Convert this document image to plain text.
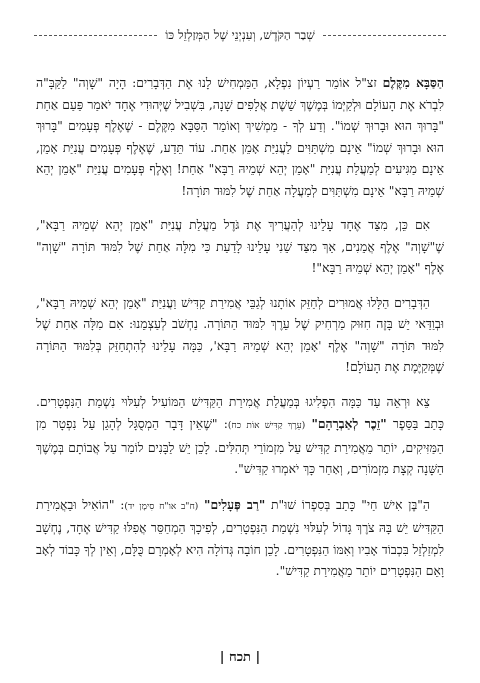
שְׁבַר הַקֹּדֶשׁ, וְעִנְיְנֵי שֶׁל הַמְּזַלְזֵל כּוֹ

הַסַּבָּא מִקֶּלֶם זצ"ל אוֹמֵר רַעְיוֹן נִפְלָא, הַמַּמְחִישׁ לָנוּ אֶת הַדְּבָרִים: הָיָה "שָׁוְה" לַקַּבָּ"ה לִבְרֹא אֶת הָעוֹלָם וּלְקַיְּמוֹ בְּמֶשֶׁךְ שֵׁשֶׁת אֲלָפִים שָׁנָה, בִּשְׁבִיל שֶׁיְּהוּדִי אֶחָד יֹאמַר פַּעַם אַחַת "בָּרוּךְ הוּא וּבָרוּךְ שְׁמוֹ". וְדַע לְךָ - מַמְשִׁיךְ וְאוֹמֵר הַסַּבָּא מִקֶּלֶם - שֶׁאֶלֶף פְּעָמִים "בָּרוּךְ הוּא וּבָרוּךְ שְׁמוֹ" אֵינָם מִשְׁתַּוִּים לַעֲנִיַּת אָמֵן אַחַת. עוֹד תֵּדַע, שֶׁאֶלֶף פְּעָמִים עֲנִיַּת אָמֵן, אֵינָם מַגִּיעִים לְמַעֲלַת עֲנִיַּת "אָמֵן יְהֵא שְׁמֵיהּ רַבָּא" אַחַת! וְאֶלֶף פְּעָמִים עֲנִיַּת "אָמֵן יְהֵא שְׁמֵיהּ רַבָּא" אֵינָם מִשְׁתַּוִּים לְמַעֲלָה אַחַת שֶׁל לִמּוּד תּוֹרָה!

אִם כֵּן, מִצַּד אֶחָד עָלֵינוּ לְהַעֲרִיךְ אֶת גֹּדֶל מַעֲלַת עֲנִיַּת "אָמֵן יְהֵא שְׁמֵיהּ רַבָּא", שֶׁ"שָׁוְה" אֶלֶף אֲמֵנִים, אַךְ מִצַּד שֵׁנִי עָלֵינוּ לָדַעַת כִּי מִלָּה אַחַת שֶׁל לִמּוּד תּוֹרָה "שָׁוְה" אֶלֶף "אָמֵן יְהֵא שְׁמֵיהּ רַבָּא"!

הַדְּבָרִים הַלָּלוּ אֲמוּרִים לְחַזֵּק אוֹתָנוּ לְגַבֵּי אֲמִירַת קַדִּישׁ וַעֲנִיַּת "אָמֵן יְהֵא שְׁמֵיהּ רַבָּא", וּבְוַדַּאי יֵשׁ בָּזֶה חִזּוּק מַרְחִיק שֶׁל עֵרֶךְ לִמּוּד הַתּוֹרָה. נַחְשֹׁב לְעַצְמֵנוּ: אִם מִלָּה אַחַת שֶׁל לִמּוּד תּוֹרָה "שָׁוְה" אֶלֶף 'אָמֵן יְהֵא שְׁמֵיהּ רַבָּא', כַּמָּה עָלֵינוּ לְהִתְחַזֵּק בְּלִמּוּד הַתּוֹרָה שֶׁמְּקַיֶּמֶת אֶת הָעוֹלָם!

צֵא וּרְאֵה עַד כַּמָּה הִפְלִיגוּ בְּמַעֲלַת אֲמִירַת הַקַּדִּישׁ הַמּוֹעִיל לְעִלּוּי נִשְׁמַת הַנִּפְטָרִים. כָּתַב בַּסֵּפֶר "זֵכֶר לְאַבְרָהָם" (עֵרֶךְ קַדִּישׁ אוֹת כח): "שֶׁאֵין דָּבָר הַמְסֻגָּל לְהָגֵן עַל נִפְטָר מִן הַמַּזִּיקִים, יוֹתֵר מֵאֲמִירַת קַדִּישׁ עַל מִזְמוֹרֵי תְּהִלִּים. לָכֵן יֵשׁ לַבָּנִים לוֹמַר עַל אֲבוֹתָם בְּמֶשֶׁךְ הַשָּׁנָה קְצָת מִזְמוֹרִים, וְאַחַר כָּךְ יֹאמְרוּ קַדִּישׁ".

הַ"בֶּן אִישׁ חַי" כָּתַב בְּסִפְרוֹ שׁוּ"ת "רַב פְּעָלִים" (ח"ב או"ח סִימָן יד): "הוֹאִיל וּבַאֲמִירַת הַקַּדִּישׁ יֵשׁ בָּהּ צֹרֶךְ גָּדוֹל לְעִלּוּי נִשְׁמַת הַנִּפְטָרִים, לְפִיכָךְ הַמְחַסֵּר אֲפִלּוּ קַדִּישׁ אֶחָד, נֶחְשָׁב לִמְזַלְזֵל בִּכְבוֹד אָבִיו וְאִמּוֹ הַנִּפְטָרִים. לָכֵן חוֹבָה גְּדוֹלָה הִיא לְאָמְרָם כֻּלָּם, וְאֵין לְךָ כָּבוֹד לְאָב וָאֵם הַנִּפְטָרִים יוֹתֵר מֵאֲמִירַת קַדִּישׁ".

| תכח |
